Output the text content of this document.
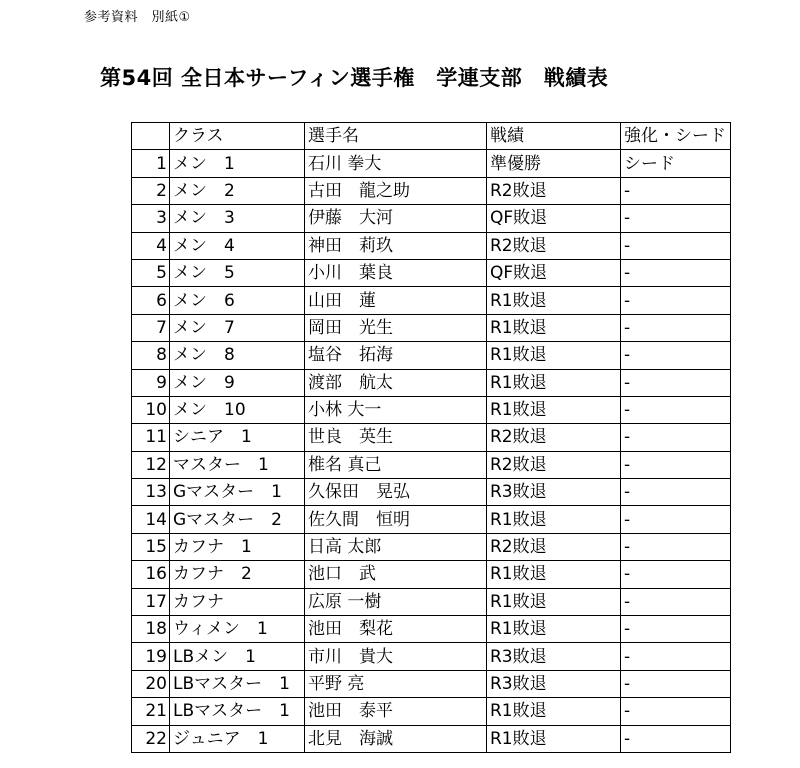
参考資料　別紙①
第54回 全日本サーフィン選手権　学連支部　戦績表
	クラス	選手名	戦績	強化・シード
1	メン　1	石川 拳大	準優勝	シード
2	メン　2	古田　龍之助	R2敗退	-
3	メン　3	伊藤　大河	QF敗退	-
4	メン　4	神田　莉玖	R2敗退	-
5	メン　5	小川　葉良	QF敗退	-
6	メン　6	山田　蓮	R1敗退	-
7	メン　7	岡田　光生	R1敗退	-
8	メン　8	塩谷　拓海	R1敗退	-
9	メン　9	渡部　航太	R1敗退	-
10	メン　10	小林 大一	R1敗退	-
11	シニア　1	世良　英生	R2敗退	-
12	マスター　1	椎名 真己	R2敗退	-
13	Gマスター　1	久保田　晃弘	R3敗退	-
14	Gマスター　2	佐久間　恒明	R1敗退	-
15	カフナ　1	日高 太郎	R2敗退	-
16	カフナ　2	池口　武	R1敗退	-
17	カフナ	広原 一樹	R1敗退	-
18	ウィメン　1	池田　梨花	R1敗退	-
19	LBメン　1	市川　貴大	R3敗退	-
20	LBマスター　1	平野 亮	R3敗退	-
21	LBマスター　1	池田　泰平	R1敗退	-
22	ジュニア　1	北見　海誠	R1敗退	-
